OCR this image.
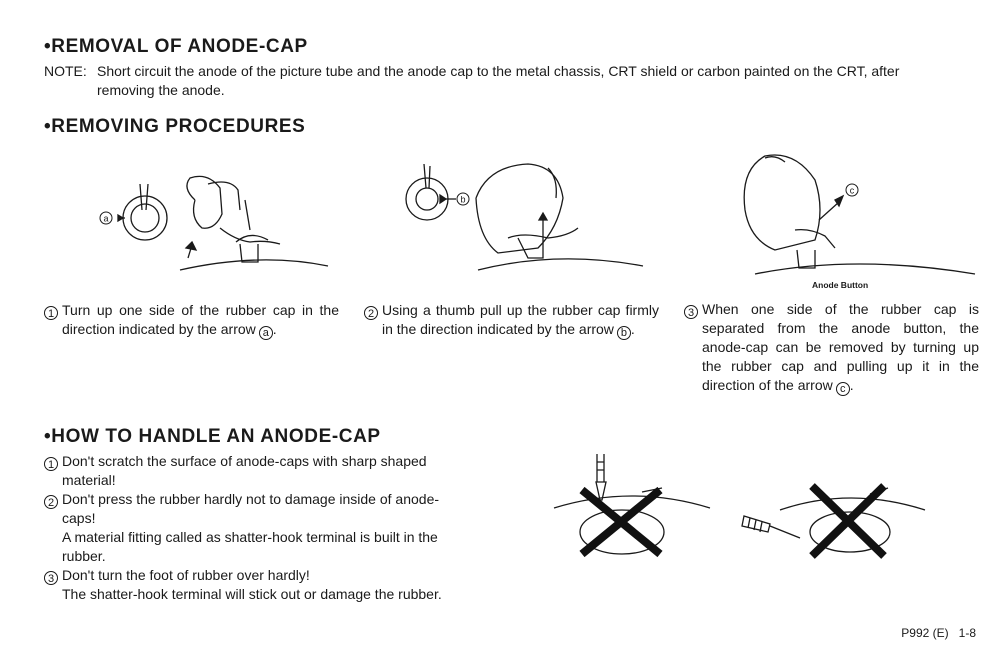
•REMOVAL OF ANODE-CAP
NOTE: Short circuit the anode of the picture tube and the anode cap to the metal chassis, CRT shield or carbon painted on the CRT, after
removing the anode.
•REMOVING PROCEDURES
a
b
c
Anode Button
1 Turn up one side of the rubber cap in the direction indicated by the arrow a .
2 Using a thumb pull up the rubber cap firmly in the direction indicated by the arrow b .
3 When one side of the rubber cap is separated from the anode button, the anode-cap can be removed by turning up the rubber cap and pulling up it in the direction of the arrow c .
•HOW TO HANDLE AN ANODE-CAP
1 Don't scratch the surface of anode-caps with sharp shaped
material!
2 Don't press the rubber hardly not to damage inside of anode-
caps!
A material fitting called as shatter-hook terminal is built in the
rubber.
3 Don't turn the foot of rubber over hardly!
The shatter-hook terminal will stick out or damage the rubber.
P992 (E) 1-8
